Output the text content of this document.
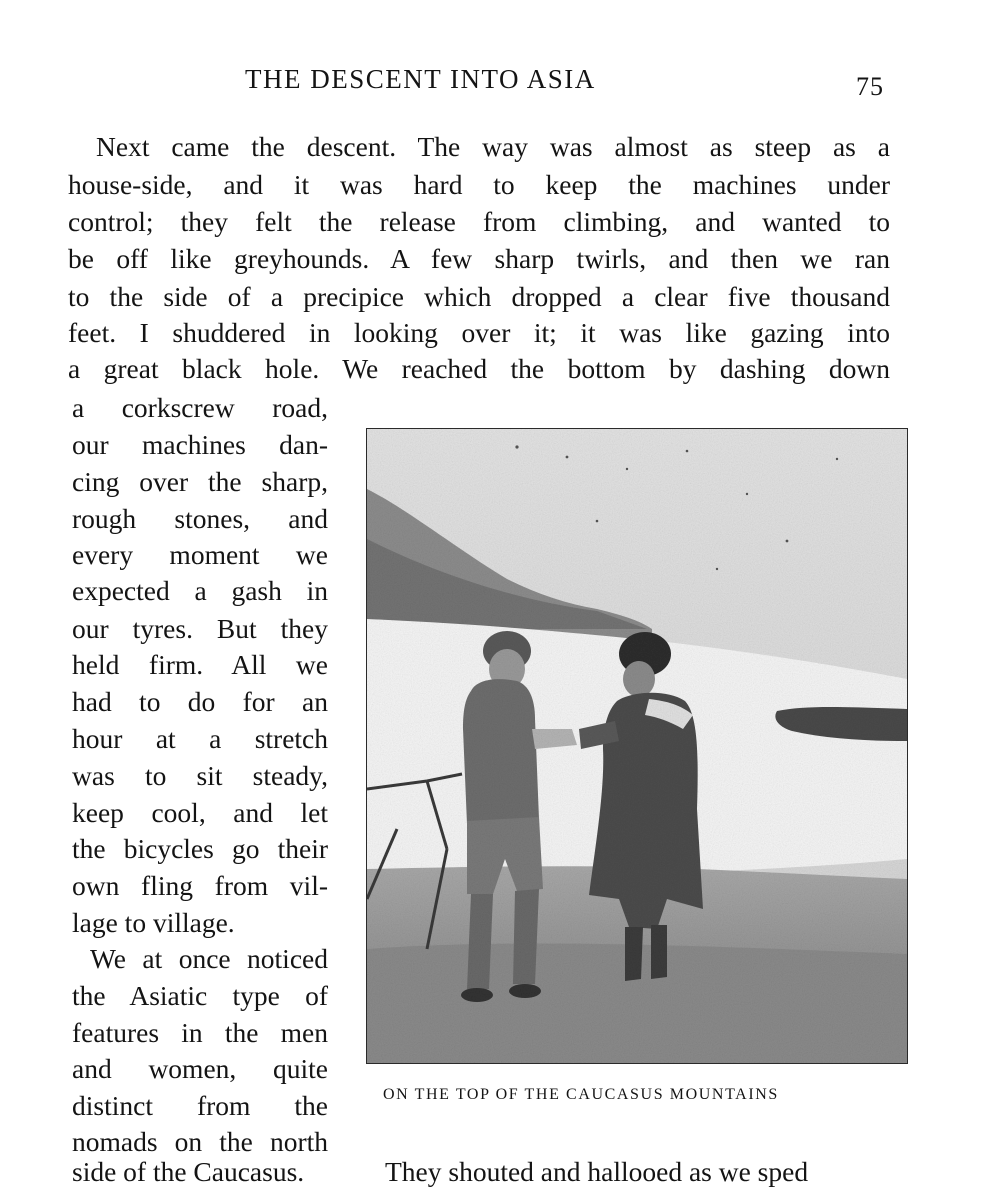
THE DESCENT INTO ASIA	75
Next came the descent. The way was almost as steep as a
house-side, and it was hard to keep the machines under
control; they felt the release from climbing, and wanted to
be off like greyhounds. A few sharp twirls, and then we ran
to the side of a precipice which dropped a clear five thousand
feet. I shuddered in looking over it; it was like gazing into
a great black hole. We reached the bottom by dashing down
a corkscrew road,
our machines dan-
cing over the sharp,
rough stones, and
every moment we
expected a gash in
our tyres. But they
held firm. All we
had to do for an
hour at a stretch
was to sit steady,
keep cool, and let
the bicycles go their
own fling from vil-
lage to village.
We at once noticed
the Asiatic type of
features in the men
and women, quite
distinct from the
nomads on the north
side of the Caucasus.	They shouted and hallooed as we sped
ON THE TOP OF THE CAUCASUS MOUNTAINS
